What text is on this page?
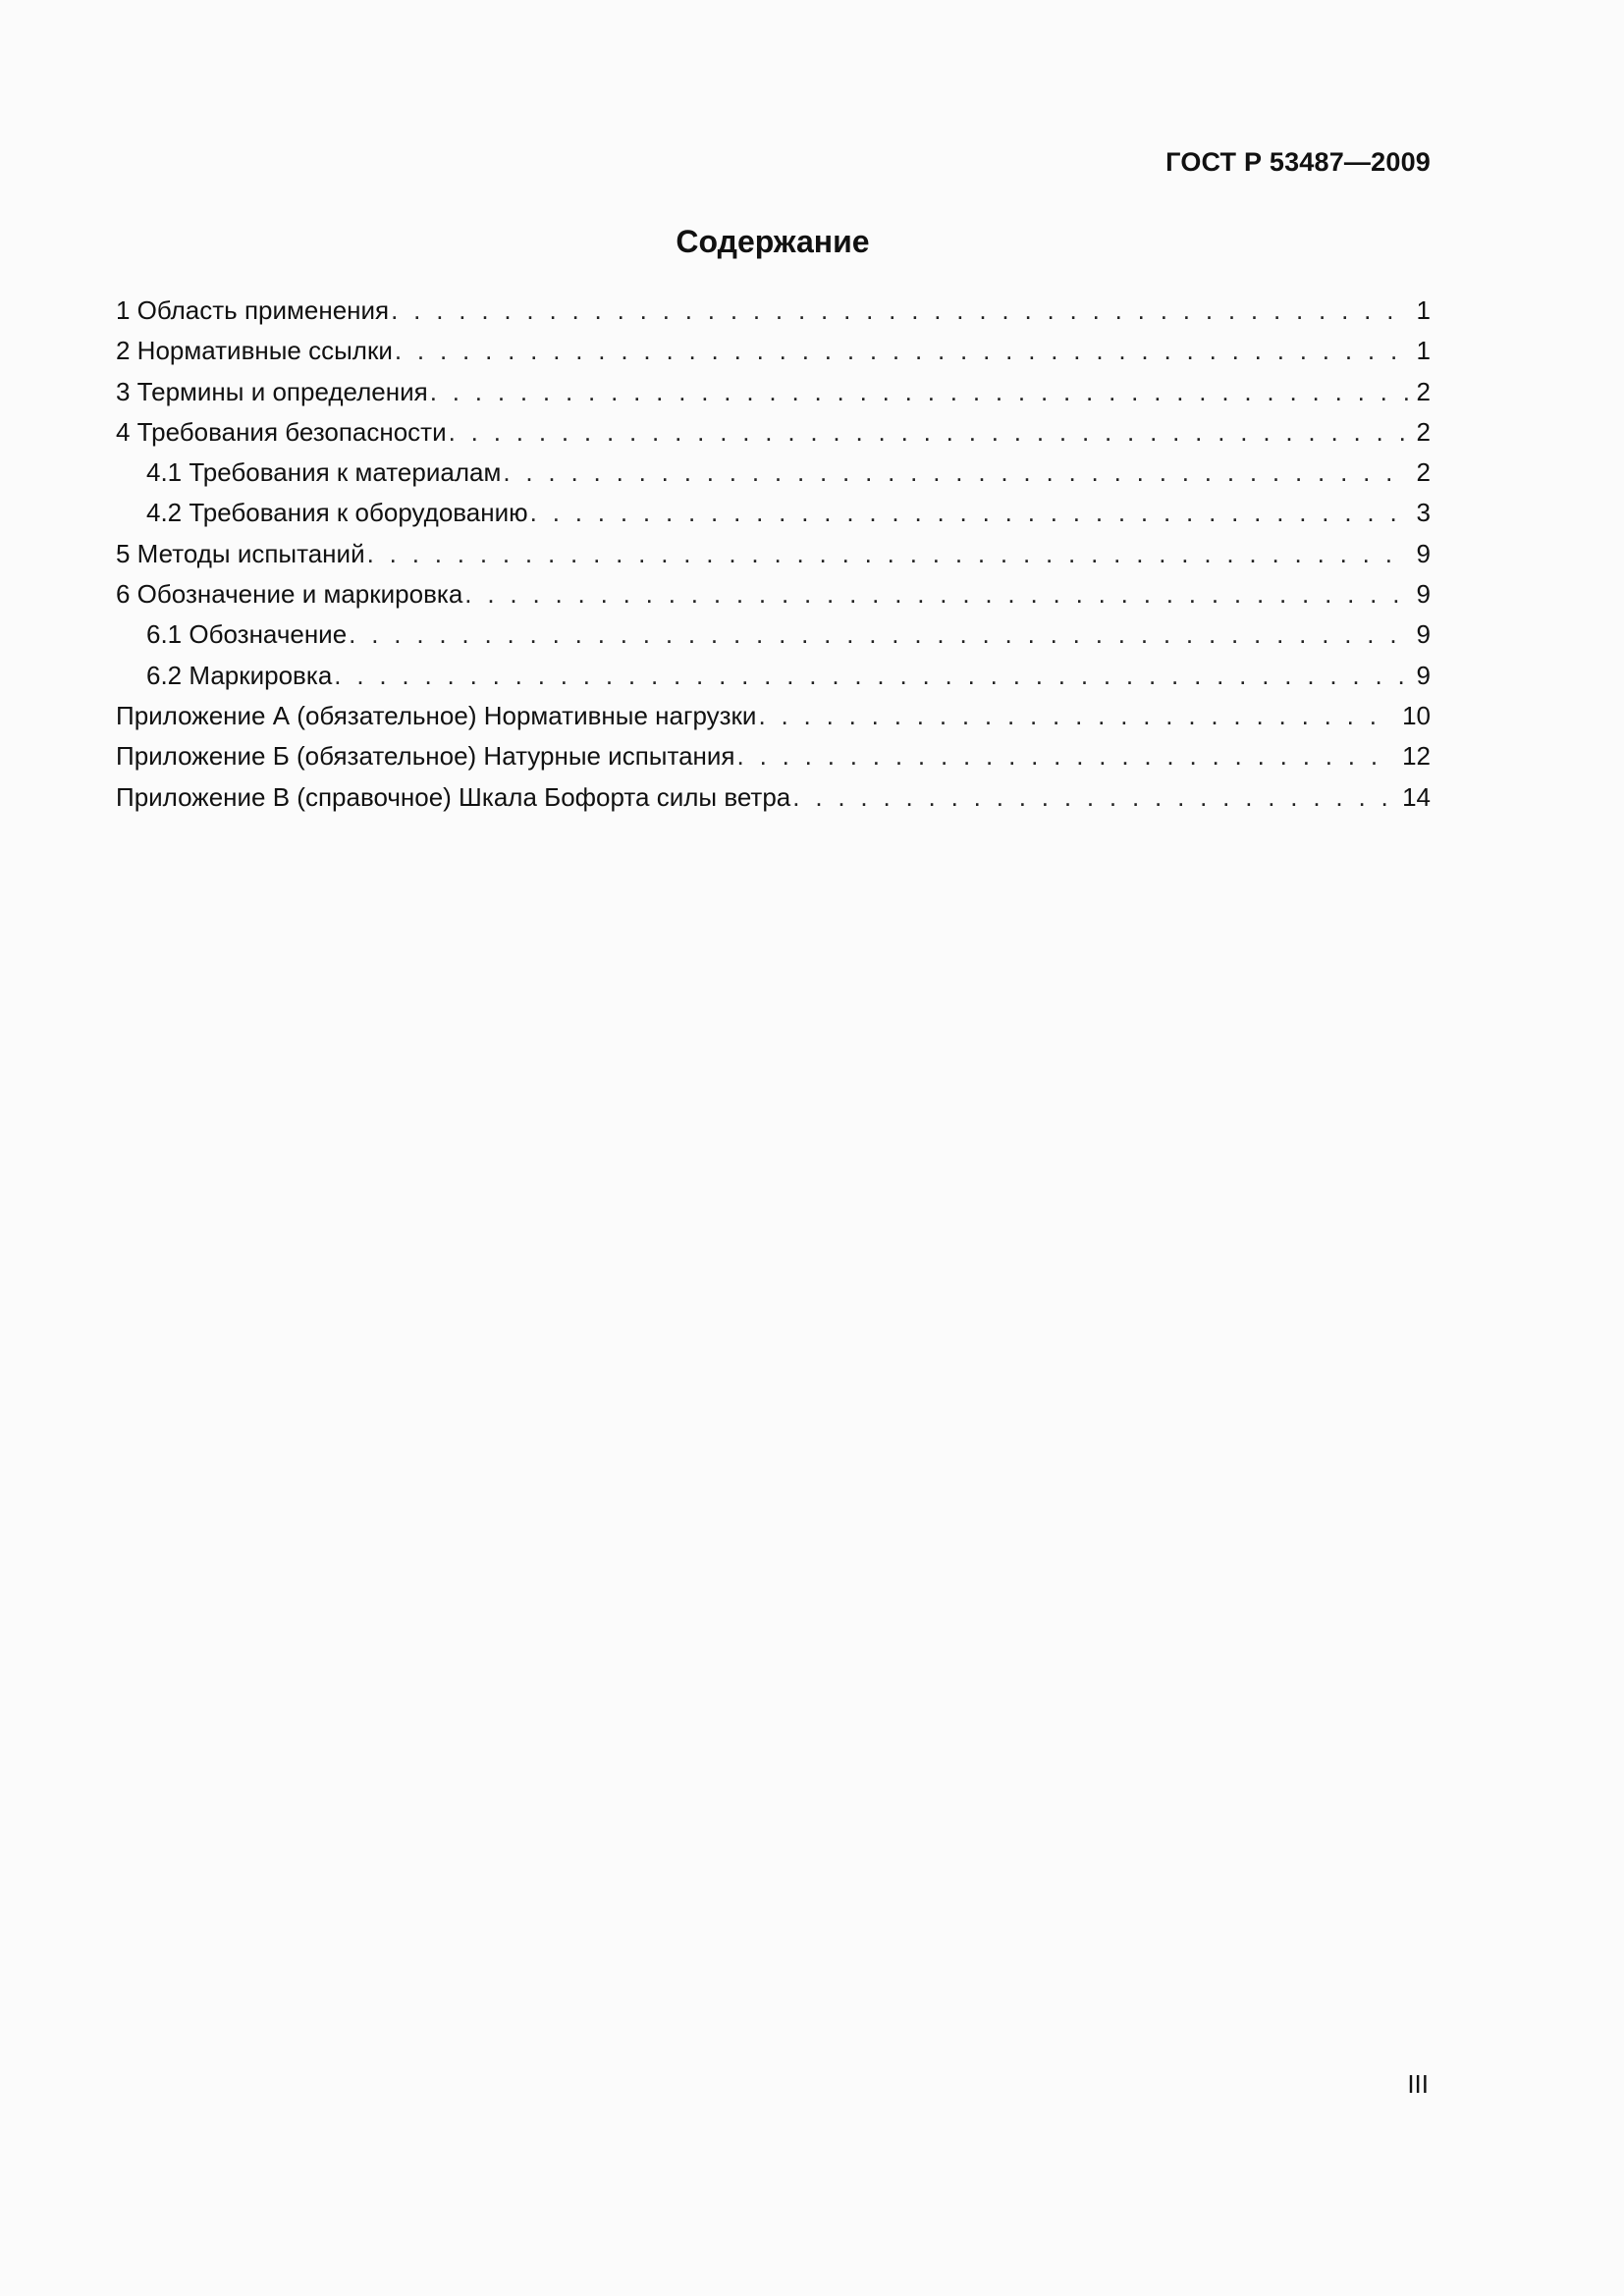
ГОСТ Р 53487—2009
Содержание
1 Область применения . . .	1
2 Нормативные ссылки . . .	1
3 Термины и определения . . .	2
4 Требования безопасности . . .	2
4.1 Требования к материалам . . .	2
4.2 Требования к оборудованию . . .	3
5 Методы испытаний . . .	9
6 Обозначение и маркировка . . .	9
6.1 Обозначение . . .	9
6.2 Маркировка . . .	9
Приложение А (обязательное) Нормативные нагрузки . . .	10
Приложение Б (обязательное) Натурные испытания . . .	12
Приложение В (справочное) Шкала Бофорта силы ветра . . .	14
III
